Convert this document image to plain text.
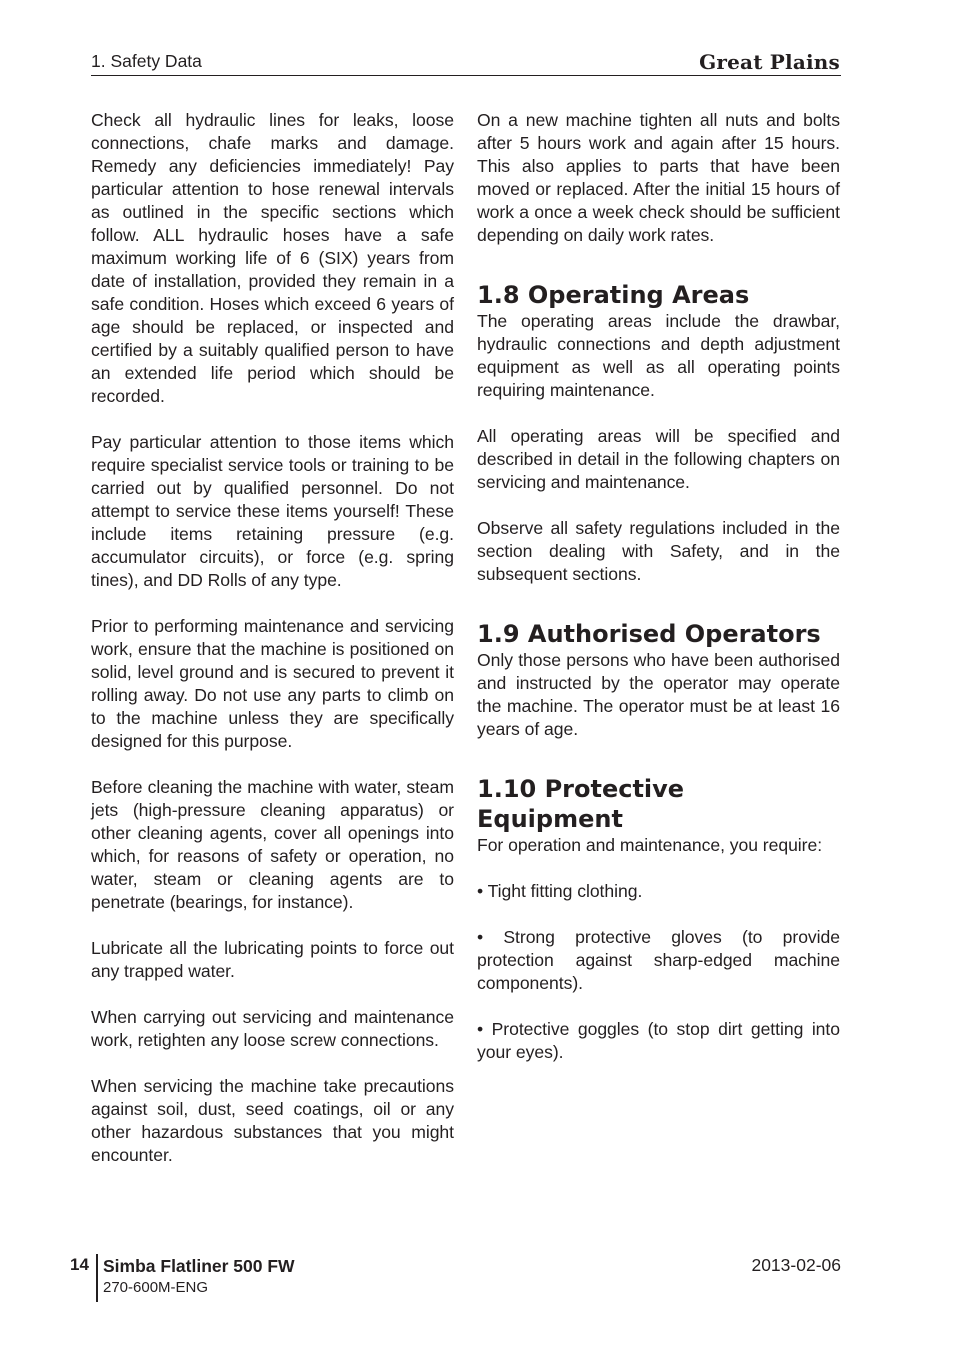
1. Safety Data	Great Plains

Check all hydraulic lines for leaks, loose connections, chafe marks and damage. Remedy any deficiencies immediately! Pay particular attention to hose renewal intervals as outlined in the specific sections which follow. ALL hydraulic hoses have a safe maximum working life of 6 (SIX) years from date of installation, provided they remain in a safe condition. Hoses which exceed 6 years of age should be replaced, or inspected and certified by a suitably qualified person to have an extended life period which should be recorded.

Pay particular attention to those items which require specialist service tools or training to be carried out by qualified personnel. Do not attempt to service these items yourself! These include items retaining pressure (e.g. accumulator circuits), or force (e.g. spring tines), and DD Rolls of any type.

Prior to performing maintenance and servicing work, ensure that the machine is positioned on solid, level ground and is secured to prevent it rolling away. Do not use any parts to climb on to the machine unless they are specifically designed for this purpose.

Before cleaning the machine with water, steam jets (high-pressure cleaning apparatus) or other cleaning agents, cover all openings into which, for reasons of safety or operation, no water, steam or cleaning agents are to penetrate (bearings, for instance).

Lubricate all the lubricating points to force out any trapped water.

When carrying out servicing and maintenance work, retighten any loose screw connections.

When servicing the machine take precautions against soil, dust, seed coatings, oil or any other hazardous substances that you might encounter.

On a new machine tighten all nuts and bolts after 5 hours work and again after 15 hours. This also applies to parts that have been moved or replaced. After the initial 15 hours of work a once a week check should be sufficient depending on daily work rates.

1.8 Operating Areas

The operating areas include the drawbar, hydraulic connections and depth adjustment equipment as well as all operating points requiring maintenance.

All operating areas will be specified and described in detail in the following chapters on servicing and maintenance.

Observe all safety regulations included in the section dealing with Safety, and in the subsequent sections.

1.9 Authorised Operators

Only those persons who have been authorised and instructed by the operator may operate the machine. The operator must be at least 16 years of age.

1.10 Protective
Equipment

For operation and maintenance, you require:

• Tight fitting clothing.

• Strong protective gloves (to provide protection against sharp-edged machine components).

• Protective goggles (to stop dirt getting into your eyes).

14 Simba Flatliner 500 FW
270-600M-ENG
2013-02-06
